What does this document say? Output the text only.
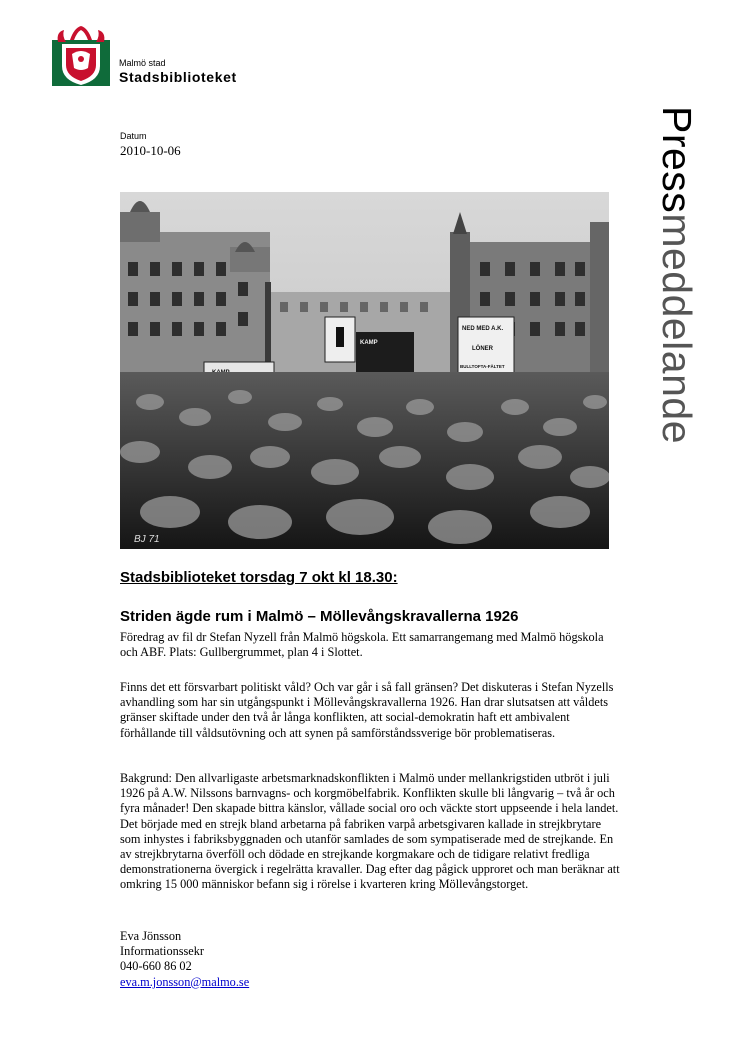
Malmö stad
Stadsbiblioteket
Pressmeddelande
Datum
2010-10-06
KAMP
NED MED A.K.
LÖNER
BULLTOFTA-FÄLTET
BJ 71
Stadsbiblioteket torsdag 7 okt kl 18.30:
Striden ägde rum i Malmö – Möllevångskravallerna 1926

Föredrag av fil dr Stefan Nyzell från Malmö högskola. Ett samarrangemang med Malmö högskola och ABF. Plats: Gullbergrummet, plan 4 i Slottet.

Finns det ett försvarbart politiskt våld? Och var går i så fall gränsen? Det diskuteras i Stefan Nyzells avhandling som har sin utgångspunkt i Möllevångskravallerna 1926. Han drar slutsatsen att våldets gränser skiftade under den två år långa konflikten, att social-demokratin haft ett ambivalent förhållande till våldsutövning och att synen på samförståndssverige bör problematiseras.

Bakgrund: Den allvarligaste arbetsmarknadskonflikten i Malmö under mellankrigstiden utbröt i juli 1926 på A.W. Nilssons barnvagns- och korgmöbelfabrik. Konflikten skulle bli långvarig – två år och fyra månader! Den skapade bittra känslor, vållade social oro och väckte stort uppseende i hela landet. Det började med en strejk bland arbetarna på fabriken varpå arbetsgivaren kallade in strejkbrytare som inhystes i fabriksbyggnaden och utanför samlades de som sympatiserade med de strejkande. En av strejkbrytarna överföll och dödade en strejkande korgmakare och de tidigare relativt fredliga demonstrationerna övergick i regelrätta kravaller. Dag efter dag pågick upproret och man beräknar att omkring 15 000 människor befann sig i rörelse i kvarteren kring Möllevångstorget.

Eva Jönsson
Informationssekr
040-660 86 02
eva.m.jonsson@malmo.se
